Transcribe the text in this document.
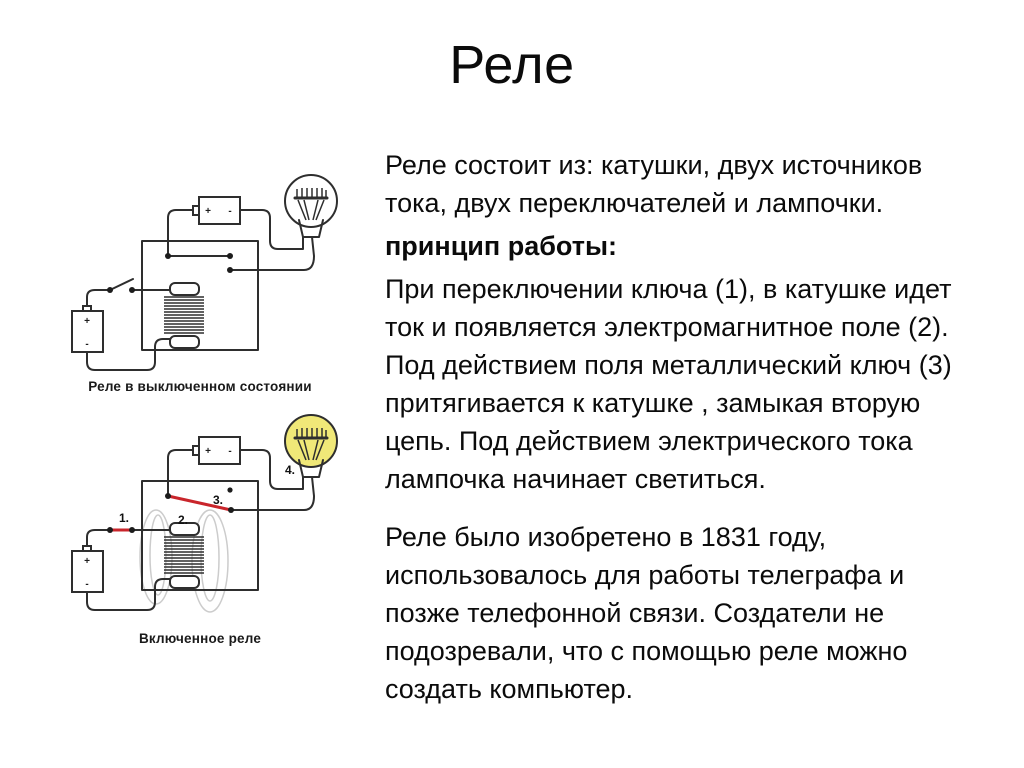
Реле
+
-
+ -
Реле в выключенном состоянии
+
-
+ -
1.	2.
3.
4.
Включенное реле

Реле состоит из: катушки, двух источников тока, двух переключателей и лампочки.

принцип работы:

При переключении ключа (1), в катушке идет ток и появляется электромагнитное поле (2). Под действием поля металлический ключ (3) притягивается к катушке , замыкая вторую цепь. Под действием электрического тока лампочка начинает светиться.

Реле было изобретено в 1831 году, использовалось для работы телеграфа и позже телефонной связи. Создатели не подозревали, что с помощью реле можно создать компьютер.
